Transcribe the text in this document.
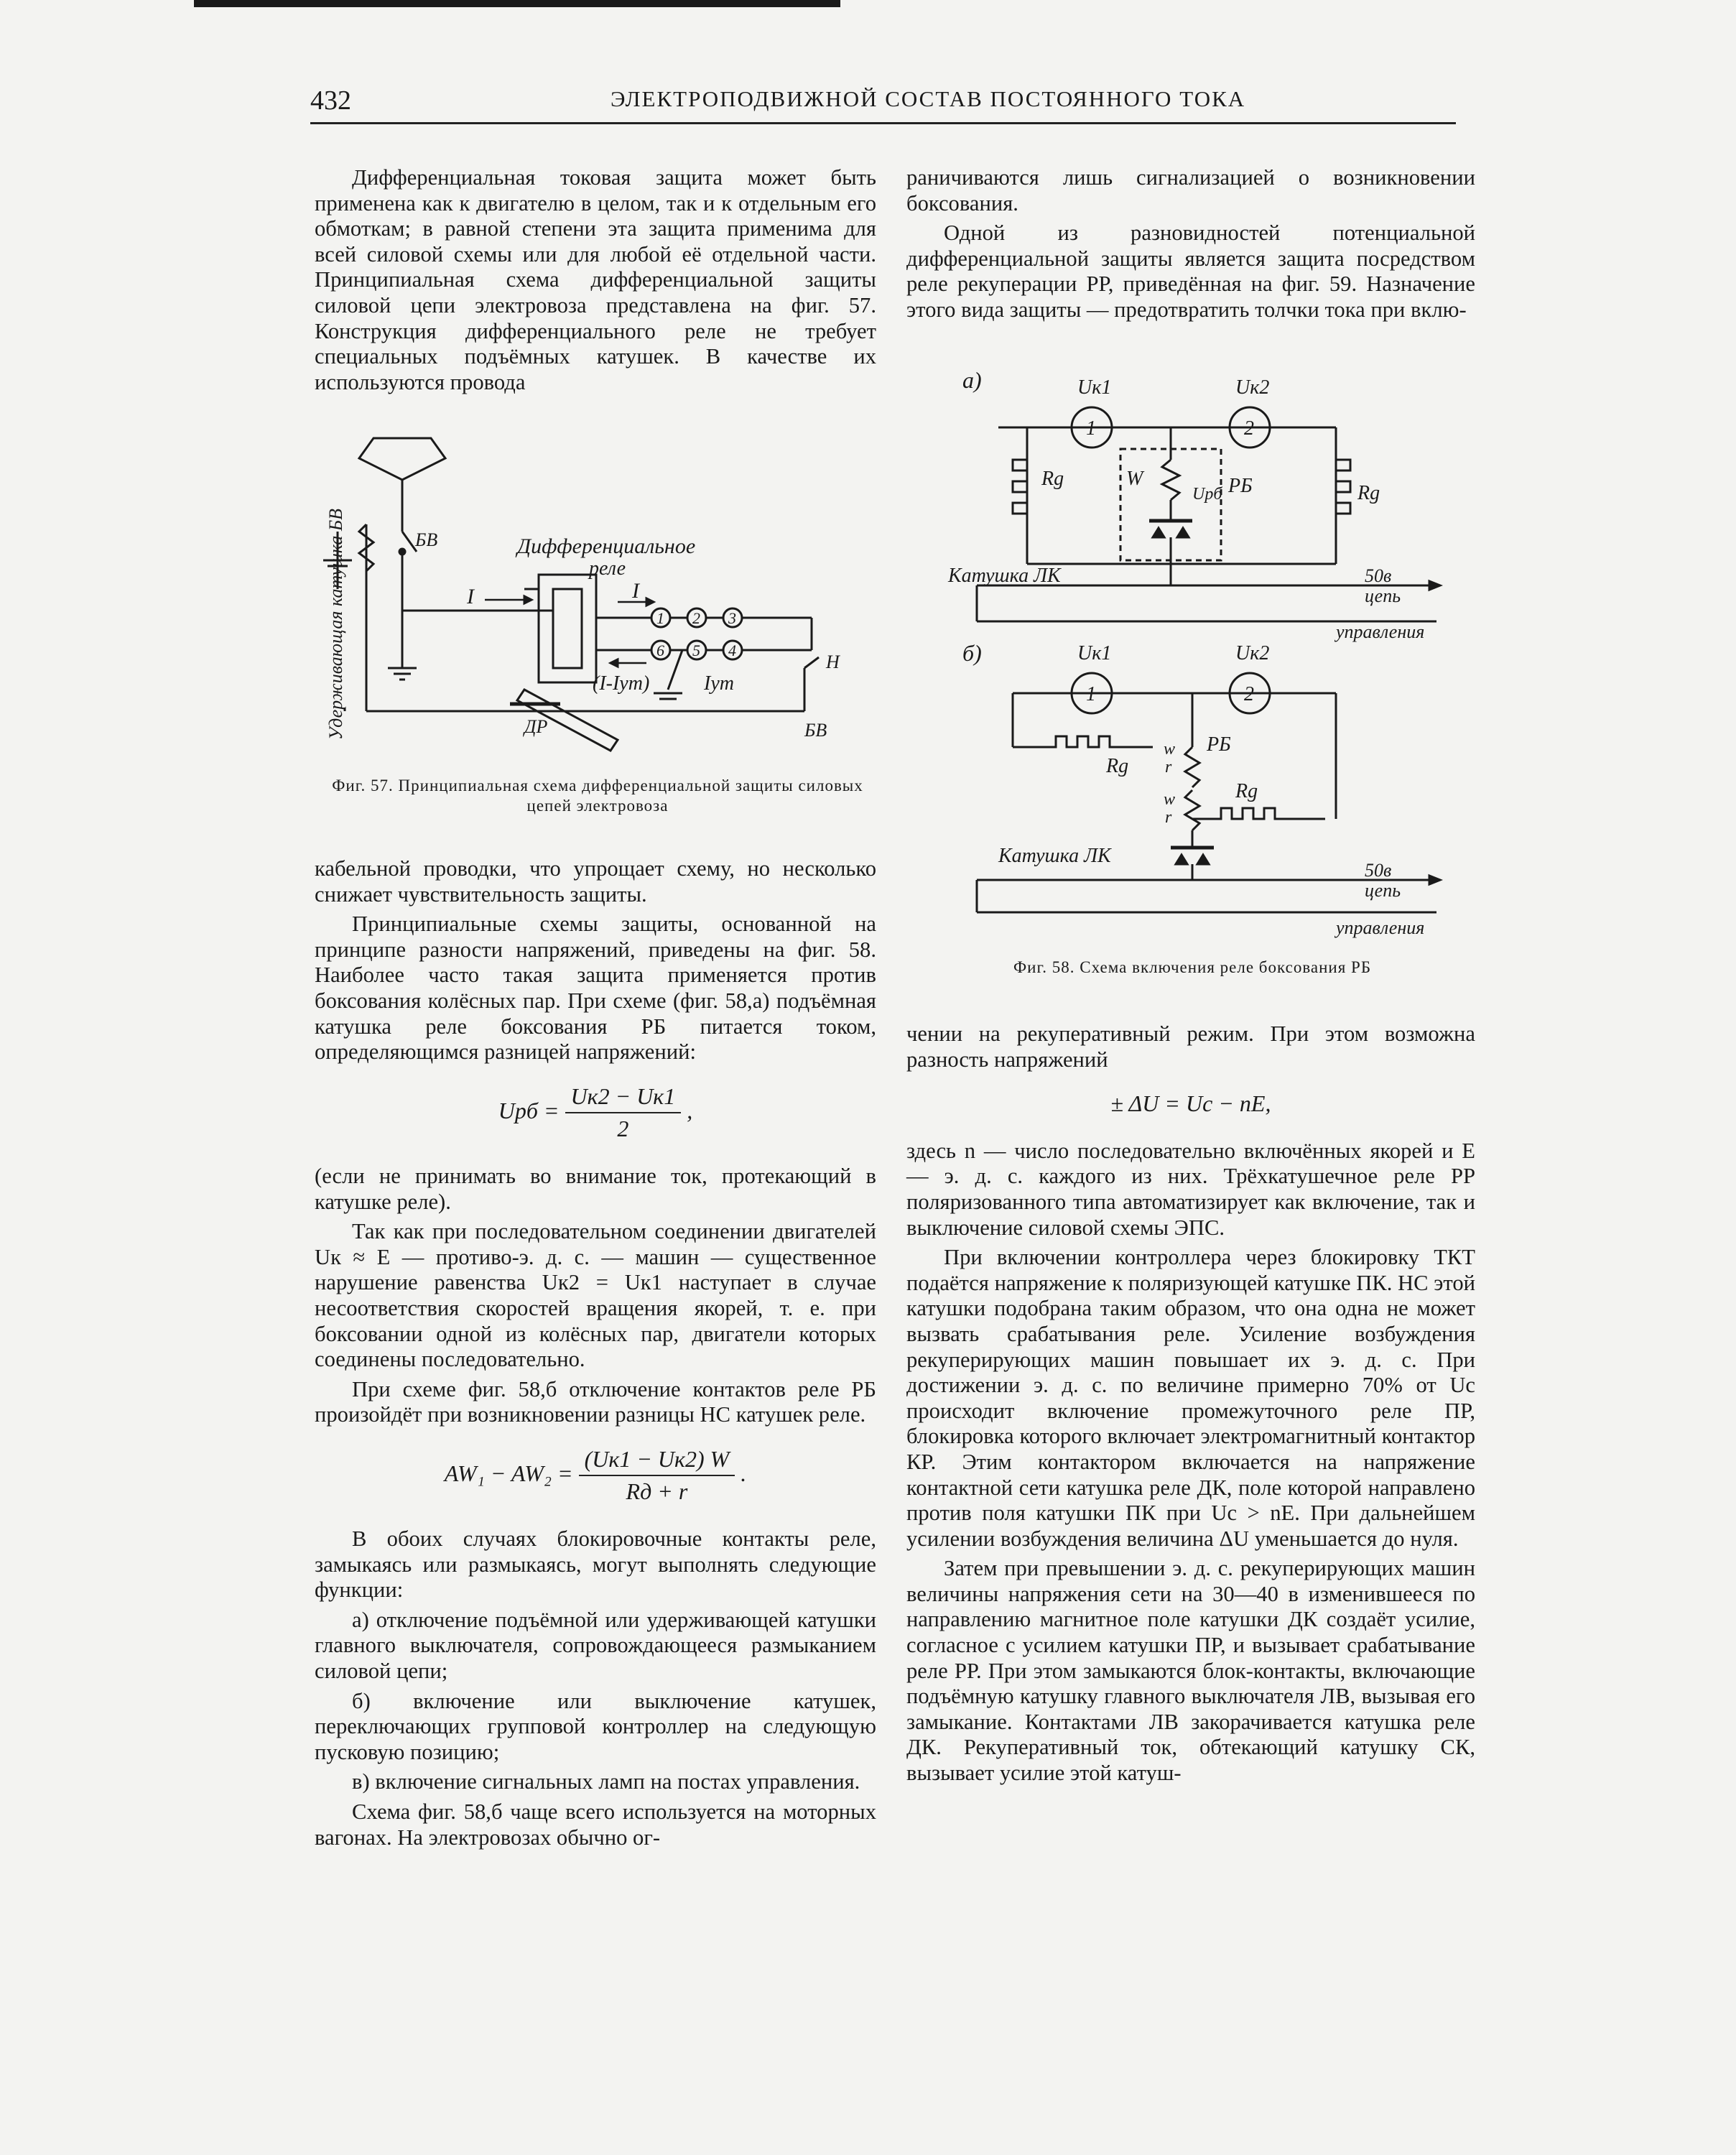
432	ЭЛЕКТРОПОДВИЖНОЙ СОСТАВ ПОСТОЯННОГО ТОКА

Дифференциальная токовая защита может быть применена как к двигателю в целом, так и к отдельным его обмоткам; в равной степени эта защита применима для всей силовой схемы или для любой её отдельной части. Принципиальная схема дифференциальной защиты силовой цепи электровоза представлена на фиг. 57. Конструкция дифференциального реле не требует специальных подъёмных катушек. В качестве их используются провода

1 2 3
6 5 4
БВ	Дифференциальное
реле
I	I
(I-Iут)	Iут
ДР	БВ
Н
Удерживающая катушка БВ
Фиг. 57. Принципиальная схема дифференциальной защиты силовых цепей электровоза

кабельной проводки, что упрощает схему, но несколько снижает чувствительность защиты.

Принципиальные схемы защиты, основанной на принципе разности напряжений, приведены на фиг. 58. Наиболее часто такая защита применяется против боксования колёсных пар. При схеме (фиг. 58,а) подъёмная катушка реле боксования РБ питается током, определяющимся разницей напряжений:

Uрб = $\frac{Uк2 - Uк1}{2}$ ,

(если не принимать во внимание ток, протекающий в катушке реле).

Так как при последовательном соединении двигателей Uк ≈ E — противо-э. д. с. — машин — существенное нарушение равенства Uк2 = Uк1 наступает в случае несоответствия скоростей вращения якорей, т. е. при боксовании одной из колёсных пар, двигатели которых соединены последовательно.

При схеме фиг. 58,б отключение контактов реле РБ произойдёт при возникновении разницы НС катушек реле.

$AW_1 - AW_2 = \frac{(Uк1 - Uк2) W}{Rд + r}$ .

В обоих случаях блокировочные контакты реле, замыкаясь или размыкаясь, могут выполнять следующие функции:

а) отключение подъёмной или удерживающей катушки главного выключателя, сопровождающееся размыканием силовой цепи;

б) включение или выключение катушек, переключающих групповой контроллер на следующую пусковую позицию;

в) включение сигнальных ламп на постах управления.

Схема фиг. 58,б чаще всего используется на моторных вагонах. На электровозах обычно ог-

раничиваются лишь сигнализацией о возникновении боксования.

Одной из разновидностей потенциальной дифференциальной защиты является защита посредством реле рекуперации РР, приведённая на фиг. 59. Назначение этого вида защиты — предотвратить толчки тока при вклю-

а)	Uк1	Uк2
1	2
Rg
Rg
W
Uрб РБ
Катушка ЛК	50в
цепь
управления
б)	Uк1	Uк2
1	2
Rg
Rg
w
r
w
r
РБ
Катушка ЛК
50в
цепь
управления
Фиг. 58. Схема включения реле боксования РБ

чении на рекуперативный режим. При этом возможна разность напряжений

± ΔU = Uc − nE,

здесь n — число последовательно включённых якорей и E — э. д. с. каждого из них. Трёхкатушечное реле РР поляризованного типа автоматизирует как включение, так и выключение силовой схемы ЭПС.

При включении контроллера через блокировку ТКТ подаётся напряжение к поляризующей катушке ПК. НС этой катушки подобрана таким образом, что она одна не может вызвать срабатывания реле. Усиление возбуждения рекуперирующих машин повышает их э. д. с. При достижении э. д. с. по величине примерно 70% от Uc происходит включение промежуточного реле ПР, блокировка которого включает электромагнитный контактор КР. Этим контактором включается на напряжение контактной сети катушка реле ДК, поле которой направлено против поля катушки ПК при Uc > nE. При дальнейшем усилении возбуждения величина ΔU уменьшается до нуля.

Затем при превышении э. д. с. рекуперирующих машин величины напряжения сети на 30—40 в изменившееся по направлению магнитное поле катушки ДК создаёт усилие, согласное с усилием катушки ПР, и вызывает срабатывание реле РР. При этом замыкаются блок-контакты, включающие подъёмную катушку главного выключателя ЛВ, вызывая его замыкание. Контактами ЛВ закорачивается катушка реле ДК. Рекуперативный ток, обтекающий катушку СК, вызывает усилие этой катуш-
